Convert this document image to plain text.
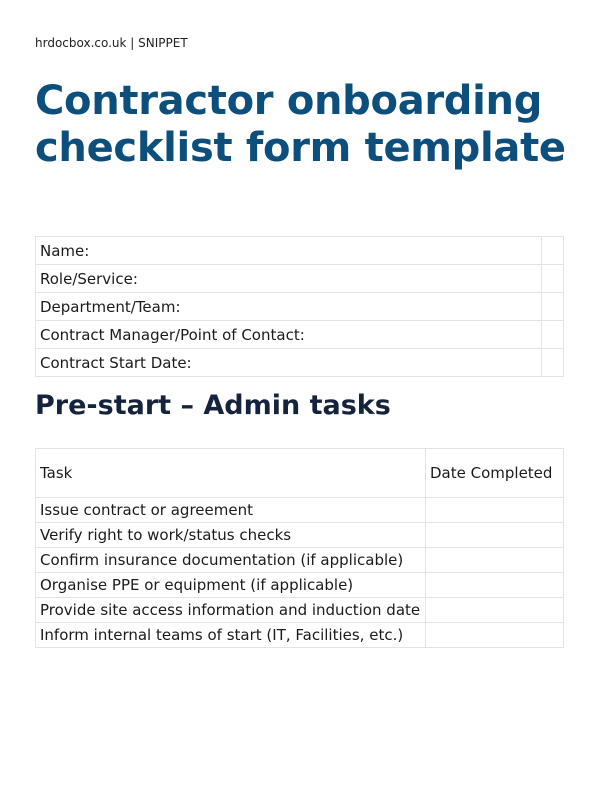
hrdocbox.co.uk | SNIPPET
Contractor onboarding checklist form template
Name:	
Role/Service:	
Department/Team:	
Contract Manager/Point of Contact:	
Contract Start Date:	
Pre-start – Admin tasks
Task	Date Completed
Issue contract or agreement	
Verify right to work/status checks	
Confirm insurance documentation (if applicable)	
Organise PPE or equipment (if applicable)	
Provide site access information and induction date	
Inform internal teams of start (IT, Facilities, etc.)	
